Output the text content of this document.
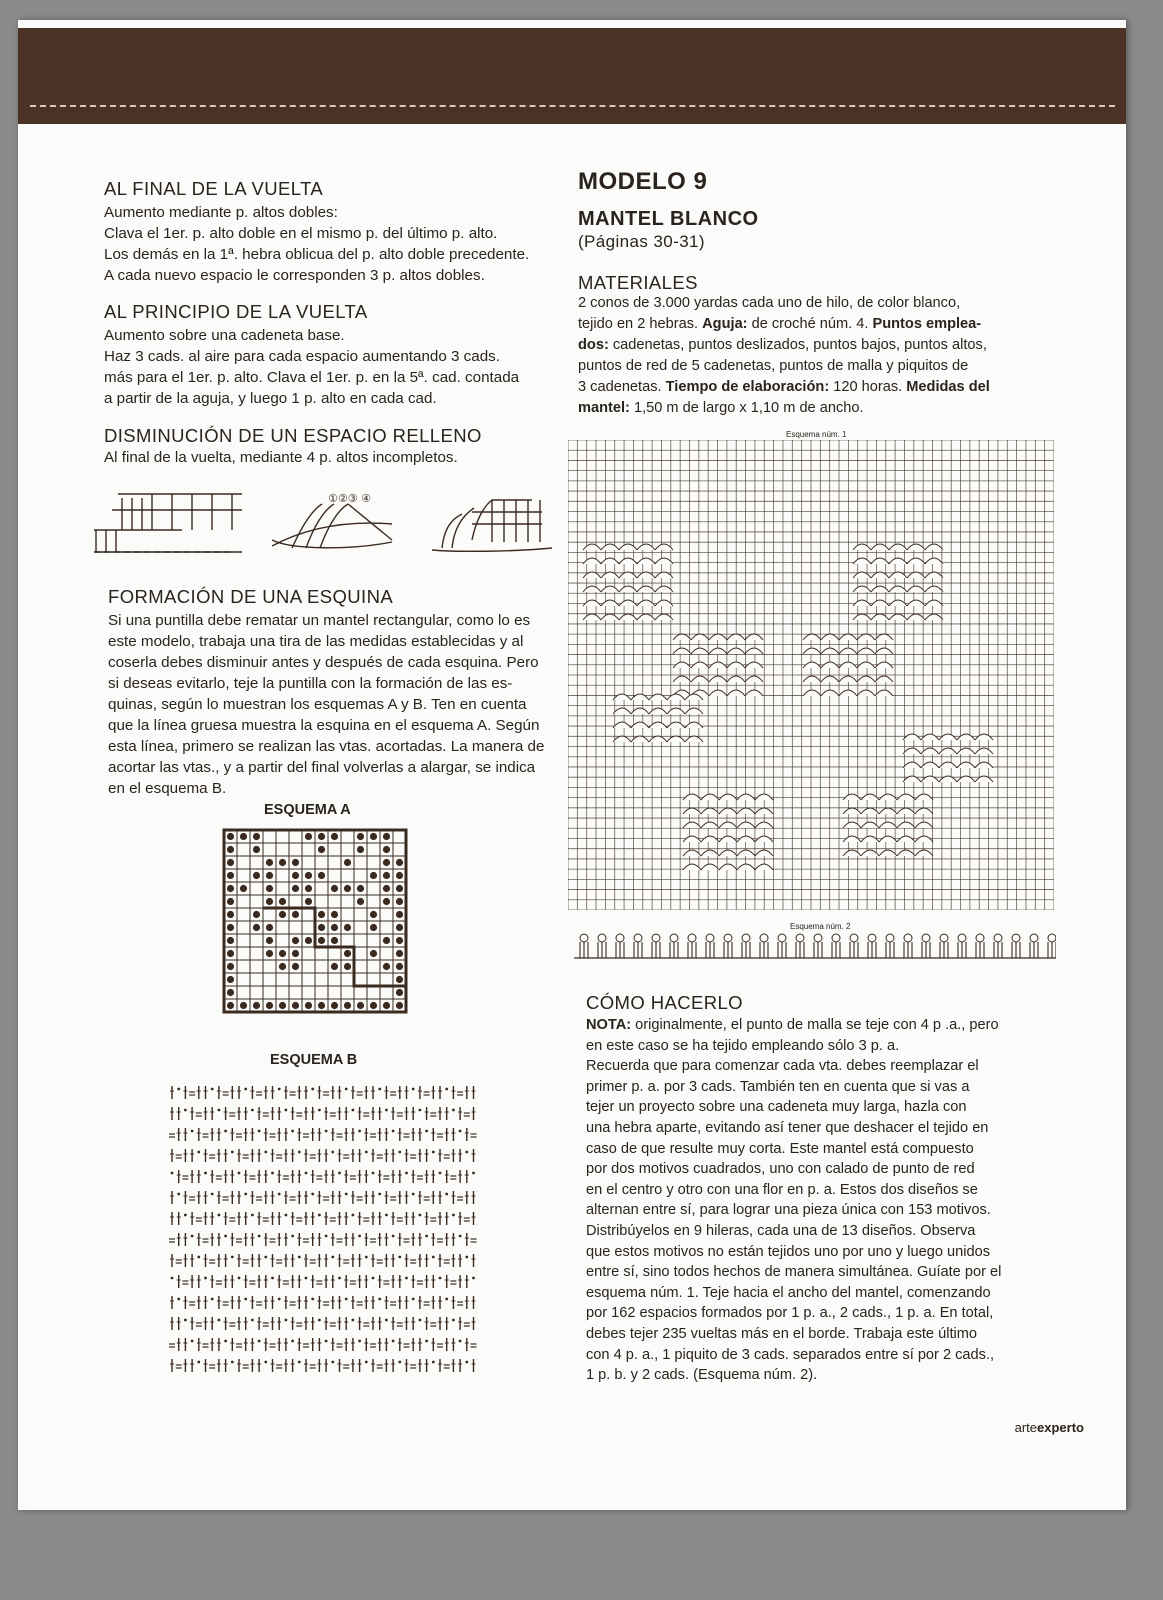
AL FINAL DE LA VUELTA
Aumento mediante p. altos dobles:
Clava el 1er. p. alto doble en el mismo p. del último p. alto.
Los demás en la 1ª. hebra oblicua del p. alto doble precedente.
A cada nuevo espacio le corresponden 3 p. altos dobles.
AL PRINCIPIO DE LA VUELTA
Aumento sobre una cadeneta base.
Haz 3 cads. al aire para cada espacio aumentando 3 cads.
más para el 1er. p. alto. Clava el 1er. p. en la 5ª. cad. contada
a partir de la aguja, y luego 1 p. alto en cada cad.
DISMINUCIÓN DE UN ESPACIO RELLENO
Al final de la vuelta, mediante 4 p. altos incompletos.
①②③ ④
FORMACIÓN DE UNA ESQUINA
Si una puntilla debe rematar un mantel rectangular, como lo es
este modelo, trabaja una tira de las medidas establecidas y al
coserla debes disminuir antes y después de cada esquina. Pero
si deseas evitarlo, teje la puntilla con la formación de las es-
quinas, según lo muestran los esquemas A y B. Ten en cuenta
que la línea gruesa muestra la esquina en el esquema A. Según
esta línea, primero se realizan las vtas. acortadas. La manera de
acortar las vtas., y a partir del final volverlas a alargar, se indica
en el esquema B.
ESQUEMA A
ESQUEMA B
MODELO 9
MANTEL BLANCO
(Páginas 30-31)
MATERIALES
2 conos de 3.000 yardas cada uno de hilo, de color blanco,
tejido en 2 hebras. Aguja: de croché núm. 4. Puntos emplea-
dos: cadenetas, puntos deslizados, puntos bajos, puntos altos,
puntos de red de 5 cadenetas, puntos de malla y piquitos de
3 cadenetas. Tiempo de elaboración: 120 horas. Medidas del
mantel: 1,50 m de largo x 1,10 m de ancho.
Esquema núm. 1
Esquema núm. 2
CÓMO HACERLO
NOTA: originalmente, el punto de malla se teje con 4 p .a., pero
en este caso se ha tejido empleando sólo 3 p. a.
Recuerda que para comenzar cada vta. debes reemplazar el
primer p. a. por 3 cads. También ten en cuenta que si vas a
tejer un proyecto sobre una cadeneta muy larga, hazla con
una hebra aparte, evitando así tener que deshacer el tejido en
caso de que resulte muy corta. Este mantel está compuesto
por dos motivos cuadrados, uno con calado de punto de red
en el centro y otro con una flor en p. a. Estos dos diseños se
alternan entre sí, para lograr una pieza única con 153 motivos.
Distribúyelos en 9 hileras, cada una de 13 diseños. Observa
que estos motivos no están tejidos uno por uno y luego unidos
entre sí, sino todos hechos de manera simultánea. Guíate por el
esquema núm. 1. Teje hacia el ancho del mantel, comenzando
por 162 espacios formados por 1 p. a., 2 cads., 1 p. a. En total,
debes tejer 235 vueltas más en el borde. Trabaja este último
con 4 p. a., 1 piquito de 3 cads. separados entre sí por 2 cads.,
1 p. b. y 2 cads. (Esquema núm. 2).
arteexperto
